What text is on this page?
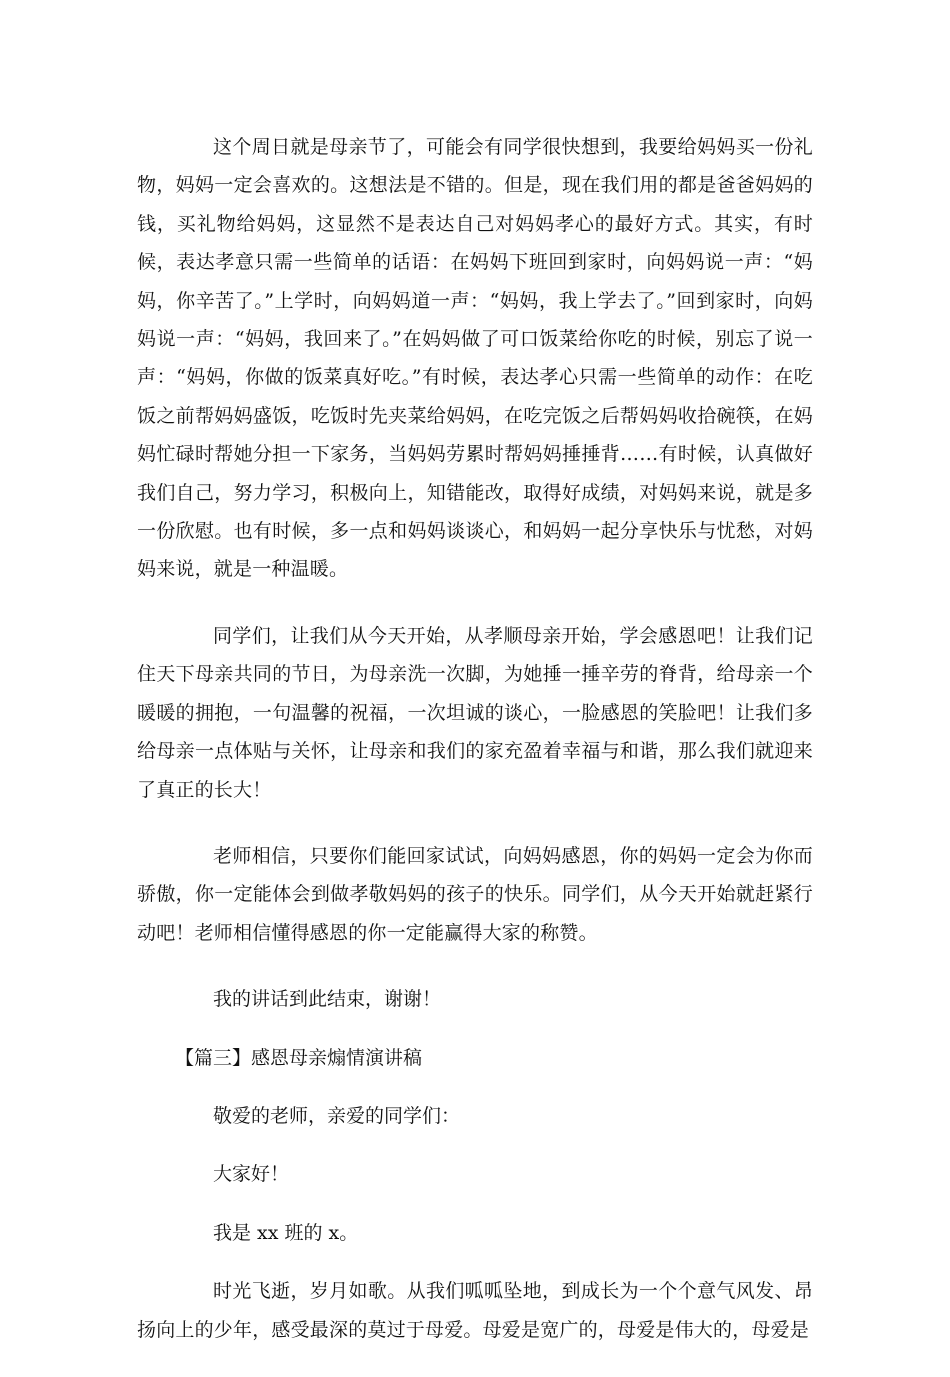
这个周日就是母亲节了，可能会有同学很快想到，我要给妈妈买一份礼物，妈妈一定会喜欢的。这想法是不错的。但是，现在我们用的都是爸爸妈妈的钱，买礼物给妈妈，这显然不是表达自己对妈妈孝心的最好方式。其实，有时候，表达孝意只需一些简单的话语：在妈妈下班回到家时，向妈妈说一声：“妈妈，你辛苦了。”上学时，向妈妈道一声：“妈妈，我上学去了。”回到家时，向妈妈说一声：“妈妈，我回来了。”在妈妈做了可口饭菜给你吃的时候，别忘了说一声：“妈妈，你做的饭菜真好吃。”有时候，表达孝心只需一些简单的动作：在吃饭之前帮妈妈盛饭，吃饭时先夹菜给妈妈，在吃完饭之后帮妈妈收拾碗筷，在妈妈忙碌时帮她分担一下家务，当妈妈劳累时帮妈妈捶捶背……有时候，认真做好我们自己，努力学习，积极向上，知错能改，取得好成绩，对妈妈来说，就是多一份欣慰。也有时候，多一点和妈妈谈谈心，和妈妈一起分享快乐与忧愁，对妈妈来说，就是一种温暖。

同学们，让我们从今天开始，从孝顺母亲开始，学会感恩吧！让我们记住天下母亲共同的节日，为母亲洗一次脚，为她捶一捶辛劳的脊背，给母亲一个暖暖的拥抱，一句温馨的祝福，一次坦诚的谈心，一脸感恩的笑脸吧！让我们多给母亲一点体贴与关怀，让母亲和我们的家充盈着幸福与和谐，那么我们就迎来了真正的长大！

老师相信，只要你们能回家试试，向妈妈感恩，你的妈妈一定会为你而骄傲，你一定能体会到做孝敬妈妈的孩子的快乐。同学们，从今天开始就赶紧行动吧！老师相信懂得感恩的你一定能赢得大家的称赞。

我的讲话到此结束，谢谢！

【篇三】感恩母亲煽情演讲稿

敬爱的老师，亲爱的同学们：

大家好！

我是 xx 班的 x。

时光飞逝，岁月如歌。从我们呱呱坠地，到成长为一个个意气风发、昂扬向上的少年，感受最深的莫过于母爱。母爱是宽广的，母爱是伟大的，母爱是
